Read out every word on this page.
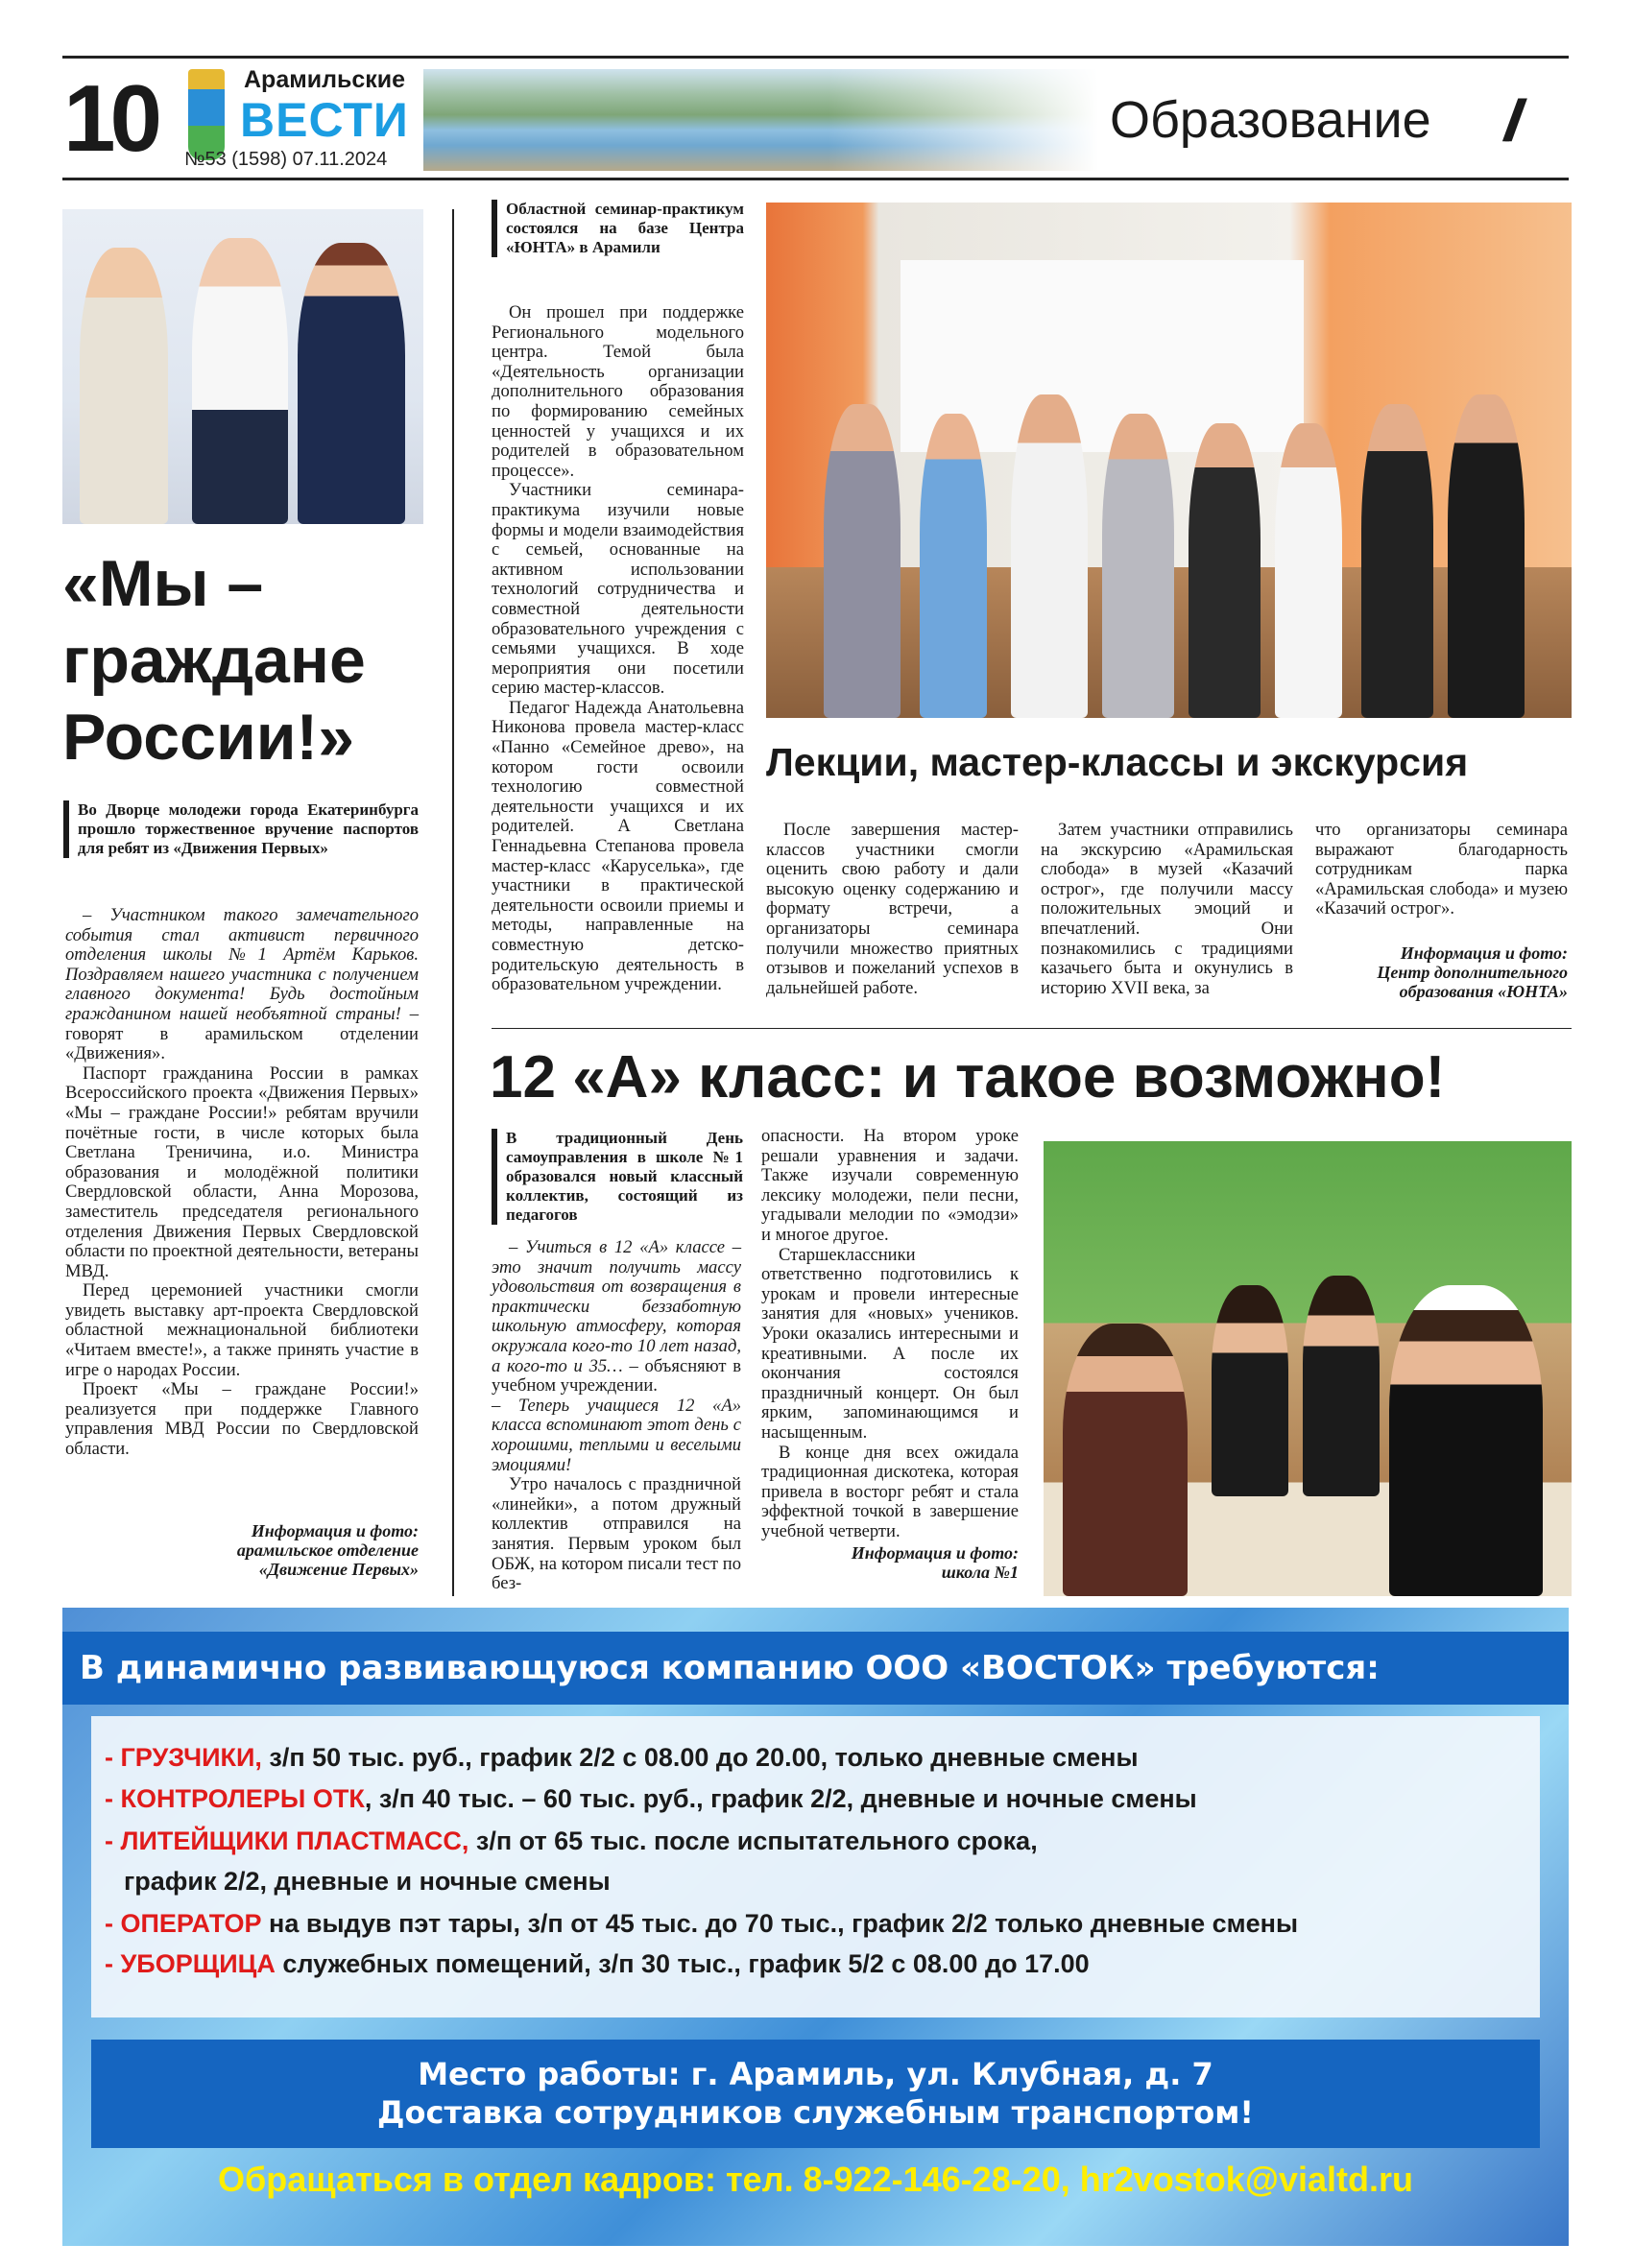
10	Арамильские
ВЕСТИ
№53 (1598) 07.11.2024
Образование //
«Мы –
граждане
России!»
Во Дворце молодежи города Екатеринбурга прошло торжественное вручение паспортов для ребят из «Движения Первых»

– Участником такого замечательного события стал активист первичного отделения школы №1 Артём Карьков. Поздравляем нашего участника с получением главного документа! Будь достойным гражданином нашей необъятной страны! – говорят в арамильском отделении «Движения».

Паспорт гражданина России в рамках Всероссийского проекта «Движения Первых» «Мы – граждане России!» ребятам вручили почётные гости, в числе которых была Светлана Треничина, и.о. Министра образования и молодёжной политики Свердловской области, Анна Морозова, заместитель председателя регионального отделения Движения Первых Свердловской области по проектной деятельности, ветераны МВД.

Перед церемонией участники смогли увидеть выставку арт-проекта Свердловской областной межнациональной библиотеки «Читаем вместе!», а также принять участие в игре о народах России.

Проект «Мы – граждане России!» реализуется при поддержке Главного управления МВД России по Свердловской области.

Информация и фото:
арамильское отделение
«Движение Первых»
Областной семинар-практикум состоялся на базе Центра «ЮНТА» в Арамили

Он прошел при поддержке Регионального модельного центра. Темой была «Деятельность организации дополнительного образования по формированию семейных ценностей у учащихся и их родителей в образовательном процессе».

Участники семинара-практикума изучили новые формы и модели взаимодействия с семьей, основанные на активном использовании технологий сотрудничества и совместной деятельности образовательного учреждения с семьями учащихся. В ходе мероприятия они посетили серию мастер-классов.

Педагог Надежда Анатольевна Никонова провела мастер-класс «Панно «Семейное древо», на котором гости освоили технологию совместной деятельности учащихся и их родителей. А Светлана Геннадьевна Степанова провела мастер-класс «Каруселька», где участники в практической деятельности освоили приемы и методы, направленные на совместную детско-родительскую деятельность в образовательном учреждении.

Лекции, мастер-классы и экскурсия

После завершения мастер-классов участники смогли оценить свою работу и дали высокую оценку содержанию и формату встречи, а организаторы семинара получили множество приятных отзывов и пожеланий успехов в дальнейшей работе.

Затем участники отправились на экскурсию «Арамильская слобода» в музей «Казачий острог», где получили массу положительных эмоций и впечатлений. Они познакомились с традициями казачьего быта и окунулись в историю XVII века, за

что организаторы семинара выражают благодарность сотрудникам парка «Арамильская слобода» и музею «Казачий острог».

Информация и фото:
Центр дополнительного
образования «ЮНТА»
12 «А» класс: и такое возможно!
В традиционный День самоуправления в школе №1 образовался новый классный коллектив, состоящий из педагогов

– Учиться в 12 «А» классе – это значит получить массу удовольствия от возвращения в практически беззаботную школьную атмосферу, которая окружала кого-то 10 лет назад, а кого-то и 35… – объясняют в учебном учреждении.
– Теперь учащиеся 12 «А» класса вспоминают этот день с хорошими, теплыми и веселыми эмоциями!

Утро началось с праздничной «линейки», а потом дружный коллектив отправился на занятия. Первым уроком был ОБЖ, на котором писали тест по без-

опасности. На втором уроке решали уравнения и задачи. Также изучали современную лексику молодежи, пели песни, угадывали мелодии по «эмодзи» и многое другое.

Старшеклассники ответственно подготовились к урокам и провели интересные занятия для «новых» учеников. Уроки оказались интересными и креативными. А после их окончания состоялся праздничный концерт. Он был ярким, запоминающимся и насыщенным.

В конце дня всех ожидала традиционная дискотека, которая привела в восторг ребят и стала эффектной точкой в завершение учебной четверти.

Информация и фото:
школа №1
В динамично развивающуюся компанию ООО «ВОСТОК» требуются:
- ГРУЗЧИКИ, з/п 50 тыс. руб., график 2/2 с 08.00 до 20.00, только дневные смены
- КОНТРОЛЕРЫ ОТК, з/п 40 тыс. – 60 тыс. руб., график 2/2, дневные и ночные смены
- ЛИТЕЙЩИКИ ПЛАСТМАСС, з/п от 65 тыс. после испытательного срока,
график 2/2, дневные и ночные смены
- ОПЕРАТОР на выдув пэт тары, з/п от 45 тыс. до 70 тыс., график 2/2 только дневные смены
- УБОРЩИЦА служебных помещений, з/п 30 тыс., график 5/2 с 08.00 до 17.00
Место работы: г. Арамиль, ул. Клубная, д. 7
Доставка сотрудников служебным транспортом!
Обращаться в отдел кадров: тел. 8-922-146-28-20, hr2vostok@vialtd.ru
